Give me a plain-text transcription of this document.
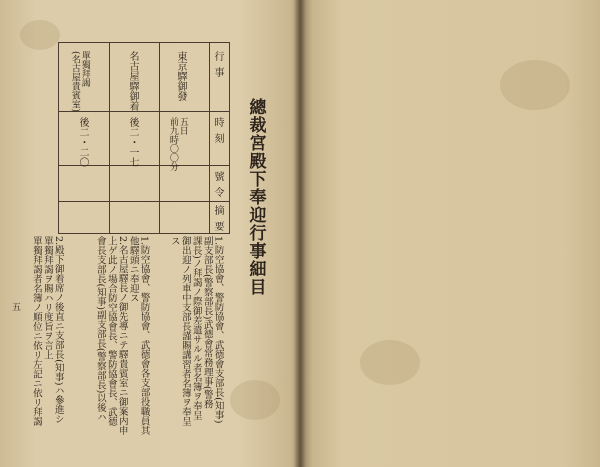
總裁宮殿下奉迎行事細目
行事
時刻
號令
摘要
東京驛御發
五日
前九時〇〇分
名古屋驛御着
後二・一七
單獨拜謁
(名古屋貴賓室)
後二・二〇
1.防空協會、警防協會、武德會支部長(知事)
副支部長(警察部長)武德會常務理事(警務
課長)ノ拜謁ノ際御差遣サルル者名簿ヲ奉呈
御出迎ノ列車中支部長謹賜講習者名簿ヲ奉呈
ス
1.防空協會、警防協會、武德會各支部役職員其
他驛頭ニ奉迎ス
2.名古屋驛長ノ御先導ニテ驛貴賓室ニ御案内申
上ゲ此ノ場合防空協會長、警防協會長、武德
會長支部長(知事)副支部長(警察部長)以後ハ
2.殿下御着席ノ後直ニ支部長(知事)ハ參進シ
單獨拜謁ヲ賜ハリ度旨ヲ言上
單獨拜謁者名簿ノ順位ニ依リ左記ニ依リ拜謁
五
